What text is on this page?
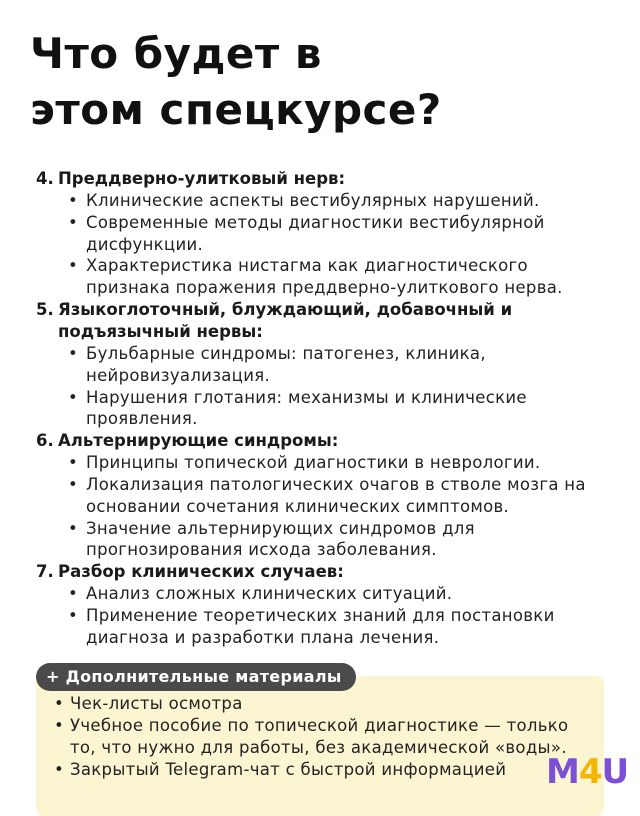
Что будет в
этом спецкурсе?
4. Преддверно-улитковый нерв:
• Клинические аспекты вестибулярных нарушений.
• Современные методы диагностики вестибулярной дисфункции.
• Характеристика нистагма как диагностического признака поражения преддверно-улиткового нерва.
5. Языкоглоточный, блуждающий, добавочный и подъязычный нервы:
• Бульбарные синдромы: патогенез, клиника, нейровизуализация.
• Нарушения глотания: механизмы и клинические проявления.
6. Альтернирующие синдромы:
• Принципы топической диагностики в неврологии.
• Локализация патологических очагов в стволе мозга на основании сочетания клинических симптомов.
• Значение альтернирующих синдромов для прогнозирования исхода заболевания.
7. Разбор клинических случаев:
• Анализ сложных клинических ситуаций.
• Применение теоретических знаний для постановки диагноза и разработки плана лечения.
+ Дополнительные материалы
• Чек-листы осмотра
• Учебное пособие по топической диагностике — только то, что нужно для работы, без академической «воды».
• Закрытый Telegram-чат с быстрой информацией	M4U
